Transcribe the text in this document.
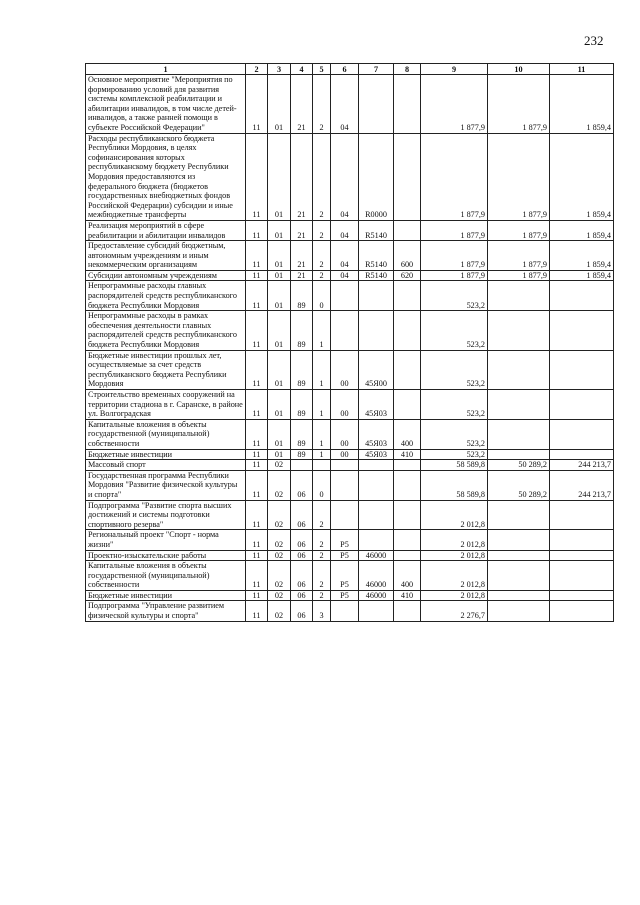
232
1	2	3	4	5	6	7	8	9	10	11
Основное мероприятие "Мероприятия по формированию условий для развития системы комплексной реабилитации и абилитации инвалидов, в том числе детей-инвалидов, а также ранней помощи в субъекте Российской Федерации"	11	01	21	2	04			1 877,9	1 877,9	1 859,4
Расходы республиканского бюджета Республики Мордовия, в целях софинансирования которых республиканскому бюджету Республики Мордовия предоставляются из федерального бюджета (бюджетов государственных внебюджетных фондов Российской Федерации) субсидии и иные межбюджетные трансферты	11	01	21	2	04	R0000		1 877,9	1 877,9	1 859,4
Реализация мероприятий в сфере реабилитации и абилитации инвалидов	11	01	21	2	04	R5140		1 877,9	1 877,9	1 859,4
Предоставление субсидий бюджетным, автономным учреждениям и иным некоммерческим организациям	11	01	21	2	04	R5140	600	1 877,9	1 877,9	1 859,4
Субсидии автономным учреждениям	11	01	21	2	04	R5140	620	1 877,9	1 877,9	1 859,4
Непрограммные расходы главных распорядителей средств республиканского бюджета Республики Мордовия	11	01	89	0				523,2		
Непрограммные расходы в рамках обеспечения деятельности главных распорядителей средств республиканского бюджета Республики Мордовия	11	01	89	1				523,2		
Бюджетные инвестиции прошлых лет, осуществляемые за счет средств республиканского бюджета Республики Мордовия	11	01	89	1	00	45Я00		523,2		
Строительство временных сооружений на территории стадиона в г. Саранске, в районе ул. Волгоградская	11	01	89	1	00	45Я03		523,2		
Капитальные вложения в объекты государственной (муниципальной) собственности	11	01	89	1	00	45Я03	400	523,2		
Бюджетные инвестиции	11	01	89	1	00	45Я03	410	523,2		
Массовый спорт	11	02						58 589,8	50 289,2	244 213,7
Государственная программа Республики Мордовия "Развитие физической культуры и спорта"	11	02	06	0				58 589,8	50 289,2	244 213,7
Подпрограмма "Развитие спорта высших достижений и системы подготовки спортивного резерва"	11	02	06	2				2 012,8		
Региональный проект "Спорт - норма жизни"	11	02	06	2	P5			2 012,8		
Проектно-изыскательские работы	11	02	06	2	P5	46000		2 012,8		
Капитальные вложения в объекты государственной (муниципальной) собственности	11	02	06	2	P5	46000	400	2 012,8		
Бюджетные инвестиции	11	02	06	2	P5	46000	410	2 012,8		
Подпрограмма "Управление развитием физической культуры и спорта"	11	02	06	3				2 276,7		
